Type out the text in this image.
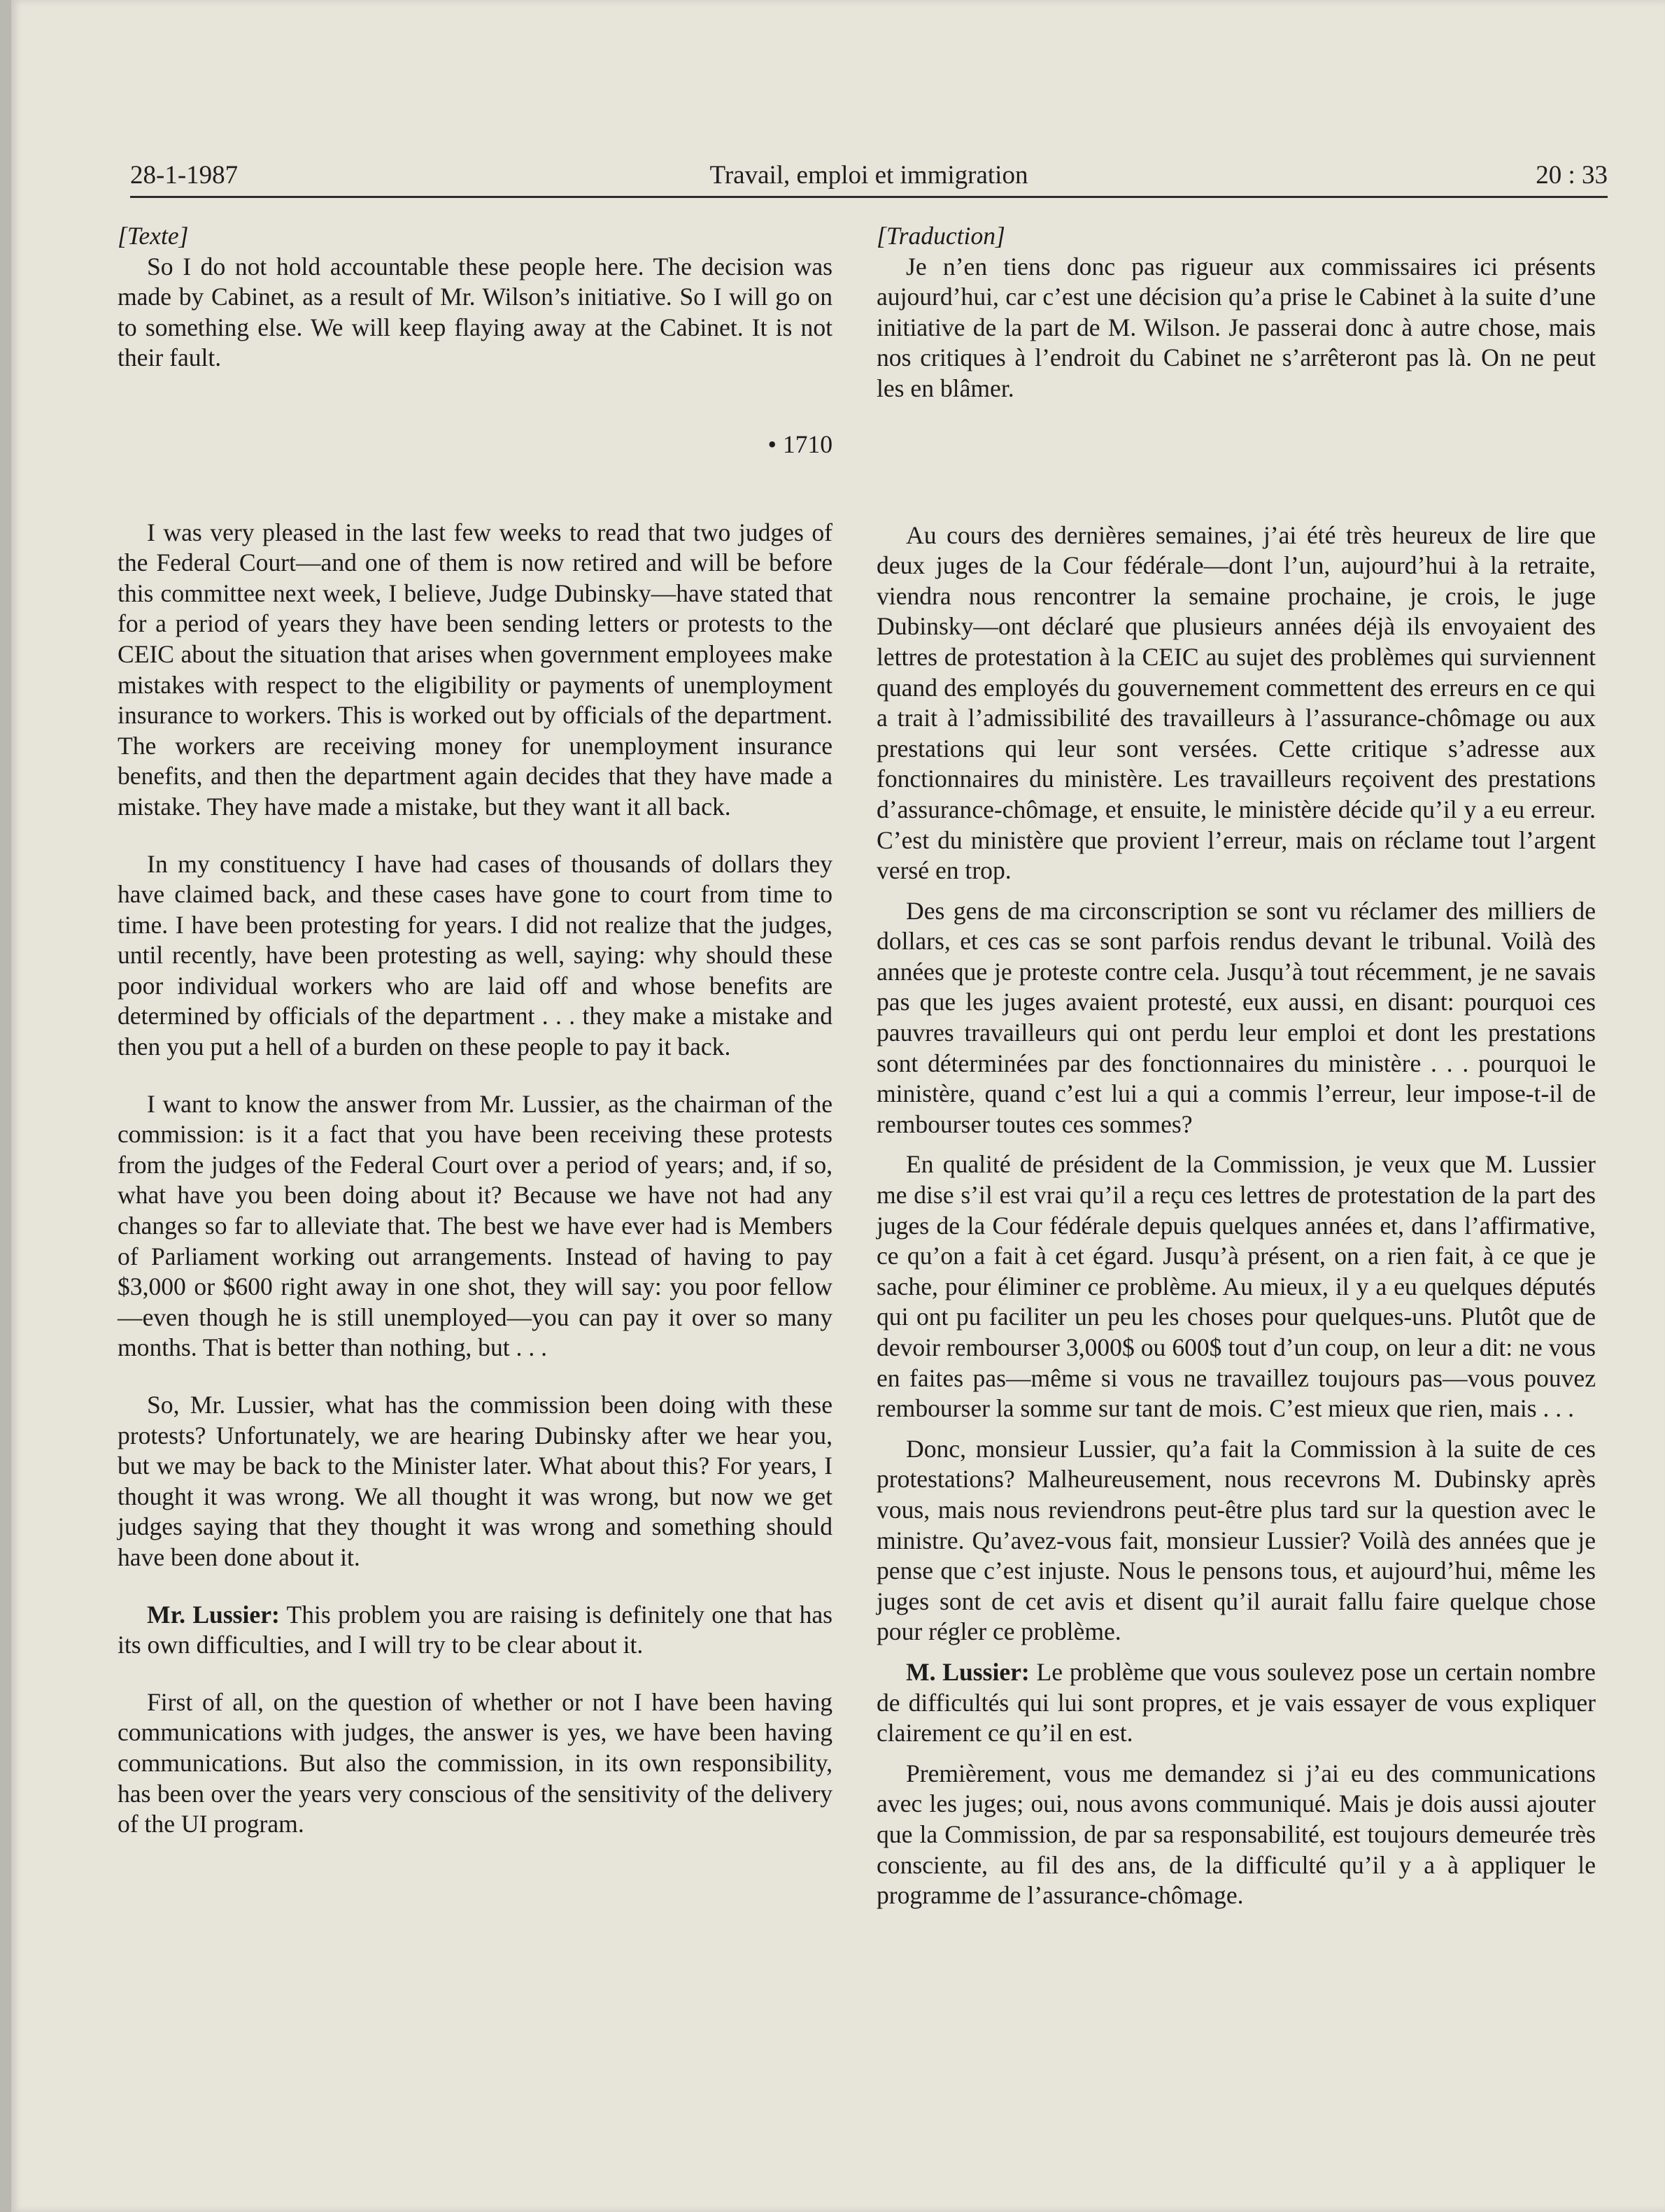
28-1-1987	Travail, emploi et immigration	20 : 33

[Texte]

So I do not hold accountable these people here. The decision was made by Cabinet, as a result of Mr. Wilson’s initiative. So I will go on to something else. We will keep flaying away at the Cabinet. It is not their fault.

• 1710

I was very pleased in the last few weeks to read that two judges of the Federal Court—and one of them is now retired and will be before this committee next week, I believe, Judge Dubinsky—have stated that for a period of years they have been sending letters or protests to the CEIC about the situation that arises when government employees make mistakes with respect to the eligibility or payments of unemployment insurance to workers. This is worked out by officials of the department. The workers are receiving money for unemployment insurance benefits, and then the department again decides that they have made a mistake. They have made a mistake, but they want it all back.

In my constituency I have had cases of thousands of dollars they have claimed back, and these cases have gone to court from time to time. I have been protesting for years. I did not realize that the judges, until recently, have been protesting as well, saying: why should these poor individual workers who are laid off and whose benefits are determined by officials of the department . . . they make a mistake and then you put a hell of a burden on these people to pay it back.

I want to know the answer from Mr. Lussier, as the chairman of the commission: is it a fact that you have been receiving these protests from the judges of the Federal Court over a period of years; and, if so, what have you been doing about it? Because we have not had any changes so far to alleviate that. The best we have ever had is Members of Parliament working out arrangements. Instead of having to pay $3,000 or $600 right away in one shot, they will say: you poor fellow—even though he is still unemployed—you can pay it over so many months. That is better than nothing, but . . .

So, Mr. Lussier, what has the commission been doing with these protests? Unfortunately, we are hearing Dubinsky after we hear you, but we may be back to the Minister later. What about this? For years, I thought it was wrong. We all thought it was wrong, but now we get judges saying that they thought it was wrong and something should have been done about it.

Mr. Lussier: This problem you are raising is definitely one that has its own difficulties, and I will try to be clear about it.

First of all, on the question of whether or not I have been having communications with judges, the answer is yes, we have been having communications. But also the commission, in its own responsibility, has been over the years very conscious of the sensitivity of the delivery of the UI program.

[Traduction]

Je n’en tiens donc pas rigueur aux commissaires ici présents aujourd’hui, car c’est une décision qu’a prise le Cabinet à la suite d’une initiative de la part de M. Wilson. Je passerai donc à autre chose, mais nos critiques à l’endroit du Cabinet ne s’arrêteront pas là. On ne peut les en blâmer.

Au cours des dernières semaines, j’ai été très heureux de lire que deux juges de la Cour fédérale—dont l’un, aujourd’hui à la retraite, viendra nous rencontrer la semaine prochaine, je crois, le juge Dubinsky—ont déclaré que plusieurs années déjà ils envoyaient des lettres de protestation à la CEIC au sujet des problèmes qui surviennent quand des employés du gouvernement commettent des erreurs en ce qui a trait à l’admissibilité des travailleurs à l’assurance-chômage ou aux prestations qui leur sont versées. Cette critique s’adresse aux fonctionnaires du ministère. Les travailleurs reçoivent des prestations d’assurance-chômage, et ensuite, le ministère décide qu’il y a eu erreur. C’est du ministère que provient l’erreur, mais on réclame tout l’argent versé en trop.

Des gens de ma circonscription se sont vu réclamer des milliers de dollars, et ces cas se sont parfois rendus devant le tribunal. Voilà des années que je proteste contre cela. Jusqu’à tout récemment, je ne savais pas que les juges avaient protesté, eux aussi, en disant: pourquoi ces pauvres travailleurs qui ont perdu leur emploi et dont les prestations sont déterminées par des fonctionnaires du ministère . . . pourquoi le ministère, quand c’est lui a qui a commis l’erreur, leur impose-t-il de rembourser toutes ces sommes?

En qualité de président de la Commission, je veux que M. Lussier me dise s’il est vrai qu’il a reçu ces lettres de protestation de la part des juges de la Cour fédérale depuis quelques années et, dans l’affirmative, ce qu’on a fait à cet égard. Jusqu’à présent, on a rien fait, à ce que je sache, pour éliminer ce problème. Au mieux, il y a eu quelques députés qui ont pu faciliter un peu les choses pour quelques-uns. Plutôt que de devoir rembourser 3,000$ ou 600$ tout d’un coup, on leur a dit: ne vous en faites pas—même si vous ne travaillez toujours pas—vous pouvez rembourser la somme sur tant de mois. C’est mieux que rien, mais . . .

Donc, monsieur Lussier, qu’a fait la Commission à la suite de ces protestations? Malheureusement, nous recevrons M. Dubinsky après vous, mais nous reviendrons peut-être plus tard sur la question avec le ministre. Qu’avez-vous fait, monsieur Lussier? Voilà des années que je pense que c’est injuste. Nous le pensons tous, et aujourd’hui, même les juges sont de cet avis et disent qu’il aurait fallu faire quelque chose pour régler ce problème.

M. Lussier: Le problème que vous soulevez pose un certain nombre de difficultés qui lui sont propres, et je vais essayer de vous expliquer clairement ce qu’il en est.

Premièrement, vous me demandez si j’ai eu des communications avec les juges; oui, nous avons communiqué. Mais je dois aussi ajouter que la Commission, de par sa responsabilité, est toujours demeurée très consciente, au fil des ans, de la difficulté qu’il y a à appliquer le programme de l’assurance-chômage.
